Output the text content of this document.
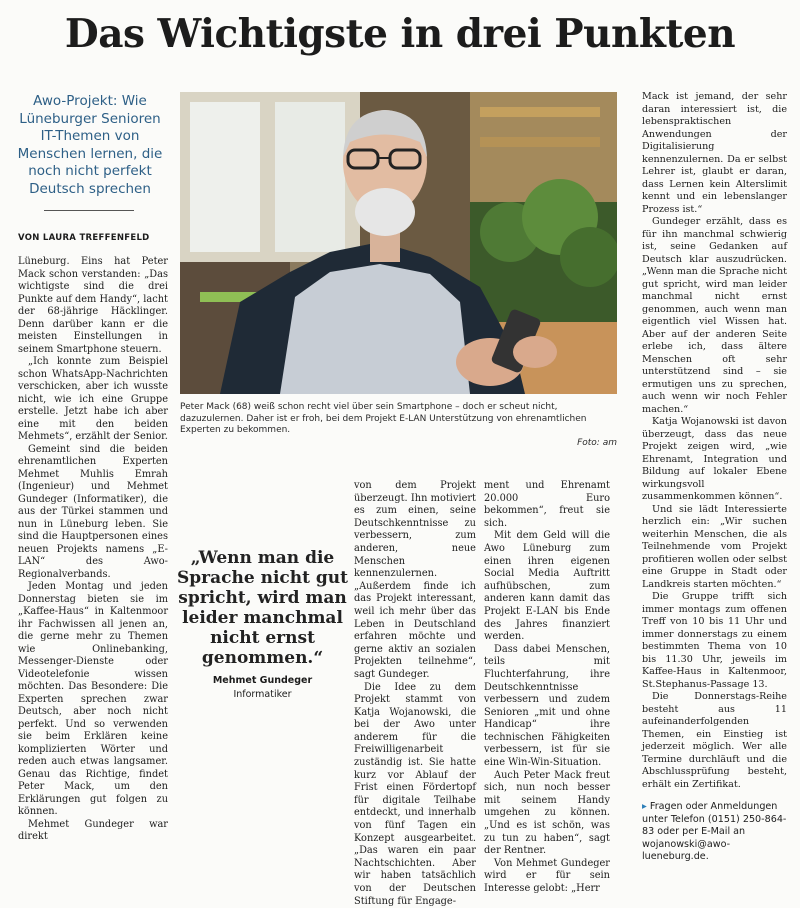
Das Wichtigste in drei Punkten
Awo-Projekt: Wie Lüneburger Senioren IT-Themen von Menschen lernen, die noch nicht perfekt Deutsch sprechen
VON LAURA TREFFENFELD

Lüneburg. Eins hat Peter Mack schon verstanden: „Das wichtigste sind die drei Punkte auf dem Handy“, lacht der 68-jährige Häcklinger. Denn darüber kann er die meisten Einstellungen in seinem Smartphone steuern.

„Ich konnte zum Beispiel schon WhatsApp-Nachrichten verschicken, aber ich wusste nicht, wie ich eine Gruppe erstelle. Jetzt habe ich aber eine mit den beiden Mehmets“, erzählt der Senior.

Gemeint sind die beiden ehrenamtlichen Experten Mehmet Muhlis Emrah (Ingenieur) und Mehmet Gundeger (Informatiker), die aus der Türkei stammen und nun in Lüneburg leben. Sie sind die Hauptpersonen eines neuen Projekts namens „E-LAN“ des Awo-Regionalverbands.

Jeden Montag und jeden Donnerstag bieten sie im „Kaffee-Haus“ in Kaltenmoor ihr Fachwissen all jenen an, die gerne mehr zu Themen wie Onlinebanking, Messenger-Dienste oder Videotelefonie wissen möchten. Das Besondere: Die Experten sprechen zwar Deutsch, aber noch nicht perfekt. Und so verwenden sie beim Erklären keine komplizierten Wörter und reden auch etwas langsamer. Genau das Richtige, findet Peter Mack, um den Erklärungen gut folgen zu können.

Mehmet Gundeger war direkt

Peter Mack (68) weiß schon recht viel über sein Smartphone – doch er scheut nicht, dazuzulernen. Daher ist er froh, bei dem Projekt E-LAN Unterstützung von ehrenamtlichen Experten zu bekommen.
Foto: am
„Wenn man die Sprache nicht gut spricht, wird man leider manchmal nicht ernst genommen.“
Mehmet Gundeger
Informatiker

von dem Projekt überzeugt. Ihn motiviert es zum einen, seine Deutschkenntnisse zu verbessern, zum anderen, neue Menschen kennenzulernen. „Außerdem finde ich das Projekt interessant, weil ich mehr über das Leben in Deutschland erfahren möchte und gerne aktiv an sozialen Projekten teilnehme“, sagt Gundeger.

Die Idee zu dem Projekt stammt von Katja Wojanowski, die bei der Awo unter anderem für die Freiwilligenarbeit zuständig ist. Sie hatte kurz vor Ablauf der Frist einen Fördertopf für digitale Teilhabe entdeckt, und innerhalb von fünf Tagen ein Konzept ausgearbeitet. „Das waren ein paar Nachtschichten. Aber wir haben tatsächlich von der Deutschen Stiftung für Engage-

ment und Ehrenamt 20.000 Euro bekommen“, freut sie sich.

Mit dem Geld will die Awo Lüneburg zum einen ihren eigenen Social Media Auftritt aufhübschen, zum anderen kann damit das Projekt E-LAN bis Ende des Jahres finanziert werden.

Dass dabei Menschen, teils mit Fluchterfahrung, ihre Deutschkenntnisse verbessern und zudem Senioren „mit und ohne Handicap“ ihre technischen Fähigkeiten verbessern, ist für sie eine Win-Win-Situation.

Auch Peter Mack freut sich, nun noch besser mit seinem Handy umgehen zu können. „Und es ist schön, was zu tun zu haben“, sagt der Rentner.

Von Mehmet Gundeger wird er für sein Interesse gelobt: „Herr

Mack ist jemand, der sehr daran interessiert ist, die lebenspraktischen Anwendungen der Digitalisierung kennenzulernen. Da er selbst Lehrer ist, glaubt er daran, dass Lernen kein Alterslimit kennt und ein lebenslanger Prozess ist.“

Gundeger erzählt, dass es für ihn manchmal schwierig ist, seine Gedanken auf Deutsch klar auszudrücken. „Wenn man die Sprache nicht gut spricht, wird man leider manchmal nicht ernst genommen, auch wenn man eigentlich viel Wissen hat. Aber auf der anderen Seite erlebe ich, dass ältere Menschen oft sehr unterstützend sind – sie ermutigen uns zu sprechen, auch wenn wir noch Fehler machen.“

Katja Wojanowski ist davon überzeugt, dass das neue Projekt zeigen wird, „wie Ehrenamt, Integration und Bildung auf lokaler Ebene wirkungsvoll zusammenkommen können“.

Und sie lädt Interessierte herzlich ein: „Wir suchen weiterhin Menschen, die als Teilnehmende vom Projekt profitieren wollen oder selbst eine Gruppe in Stadt oder Landkreis starten möchten.“

Die Gruppe trifft sich immer montags zum offenen Treff von 10 bis 11 Uhr und immer donnerstags zu einem bestimmten Thema von 10 bis 11.30 Uhr, jeweils im Kaffee-Haus in Kaltenmoor, St.Stephanus-Passage 13.

Die Donnerstags-Reihe besteht aus 11 aufeinanderfolgenden Themen, ein Einstieg ist jederzeit möglich. Wer alle Termine durchläuft und die Abschlussprüfung besteht, erhält ein Zertifikat.

▸ Fragen oder Anmeldungen unter Telefon (0151) 250-864-83 oder per E-Mail an wojanowski@awo-lueneburg.de.
